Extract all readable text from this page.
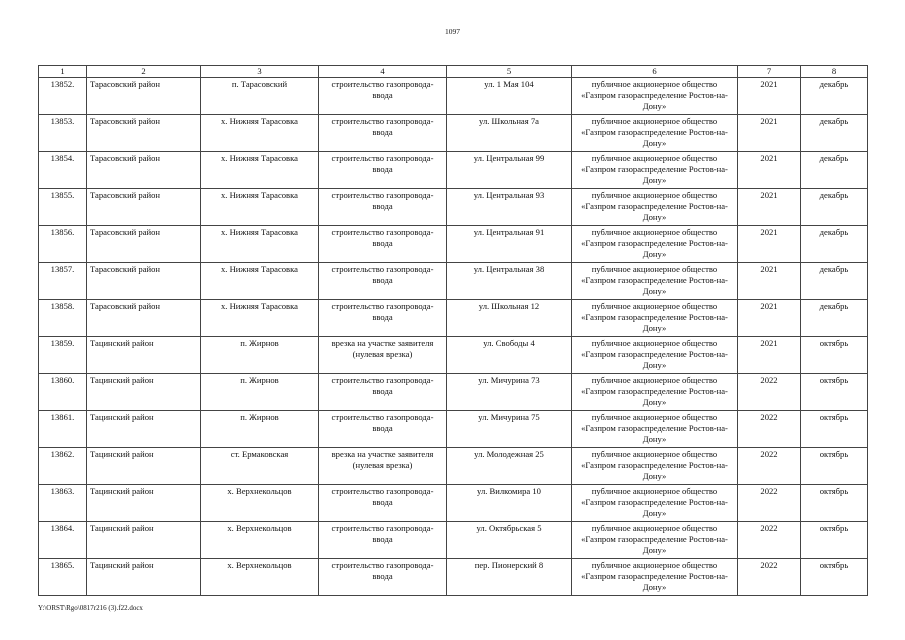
1097
1	2	3	4	5	6	7	8
13852.	Тарасовский район	п. Тарасовский	строительство газопровода-ввода	ул. 1 Мая 104	публичное акционерное общество «Газпром газораспределение Ростов-на-Дону»	2021	декабрь
13853.	Тарасовский район	х. Нижняя Тарасовка	строительство газопровода-ввода	ул. Школьная 7а	публичное акционерное общество «Газпром газораспределение Ростов-на-Дону»	2021	декабрь
13854.	Тарасовский район	х. Нижняя Тарасовка	строительство газопровода-ввода	ул. Центральная 99	публичное акционерное общество «Газпром газораспределение Ростов-на-Дону»	2021	декабрь
13855.	Тарасовский район	х. Нижняя Тарасовка	строительство газопровода-ввода	ул. Центральная 93	публичное акционерное общество «Газпром газораспределение Ростов-на-Дону»	2021	декабрь
13856.	Тарасовский район	х. Нижняя Тарасовка	строительство газопровода-ввода	ул. Центральная 91	публичное акционерное общество «Газпром газораспределение Ростов-на-Дону»	2021	декабрь
13857.	Тарасовский район	х. Нижняя Тарасовка	строительство газопровода-ввода	ул. Центральная 38	публичное акционерное общество «Газпром газораспределение Ростов-на-Дону»	2021	декабрь
13858.	Тарасовский район	х. Нижняя Тарасовка	строительство газопровода-ввода	ул. Школьная 12	публичное акционерное общество «Газпром газораспределение Ростов-на-Дону»	2021	декабрь
13859.	Тацинский район	п. Жирнов	врезка на участке заявителя (нулевая врезка)	ул. Свободы 4	публичное акционерное общество «Газпром газораспределение Ростов-на-Дону»	2021	октябрь
13860.	Тацинский район	п. Жирнов	строительство газопровода-ввода	ул. Мичурина 73	публичное акционерное общество «Газпром газораспределение Ростов-на-Дону»	2022	октябрь
13861.	Тацинский район	п. Жирнов	строительство газопровода-ввода	ул. Мичурина 75	публичное акционерное общество «Газпром газораспределение Ростов-на-Дону»	2022	октябрь
13862.	Тацинский район	ст. Ермаковская	врезка на участке заявителя (нулевая врезка)	ул. Молодежная 25	публичное акционерное общество «Газпром газораспределение Ростов-на-Дону»	2022	октябрь
13863.	Тацинский район	х. Верхнекольцов	строительство газопровода-ввода	ул. Вилкомира 10	публичное акционерное общество «Газпром газораспределение Ростов-на-Дону»	2022	октябрь
13864.	Тацинский район	х. Верхнекольцов	строительство газопровода-ввода	ул. Октябрьская 5	публичное акционерное общество «Газпром газораспределение Ростов-на-Дону»	2022	октябрь
13865.	Тацинский район	х. Верхнекольцов	строительство газопровода-ввода	пер. Пионерский 8	публичное акционерное общество «Газпром газораспределение Ростов-на-Дону»	2022	октябрь
Y:\ORST\Rgo\0817r216 (3).f22.docx
